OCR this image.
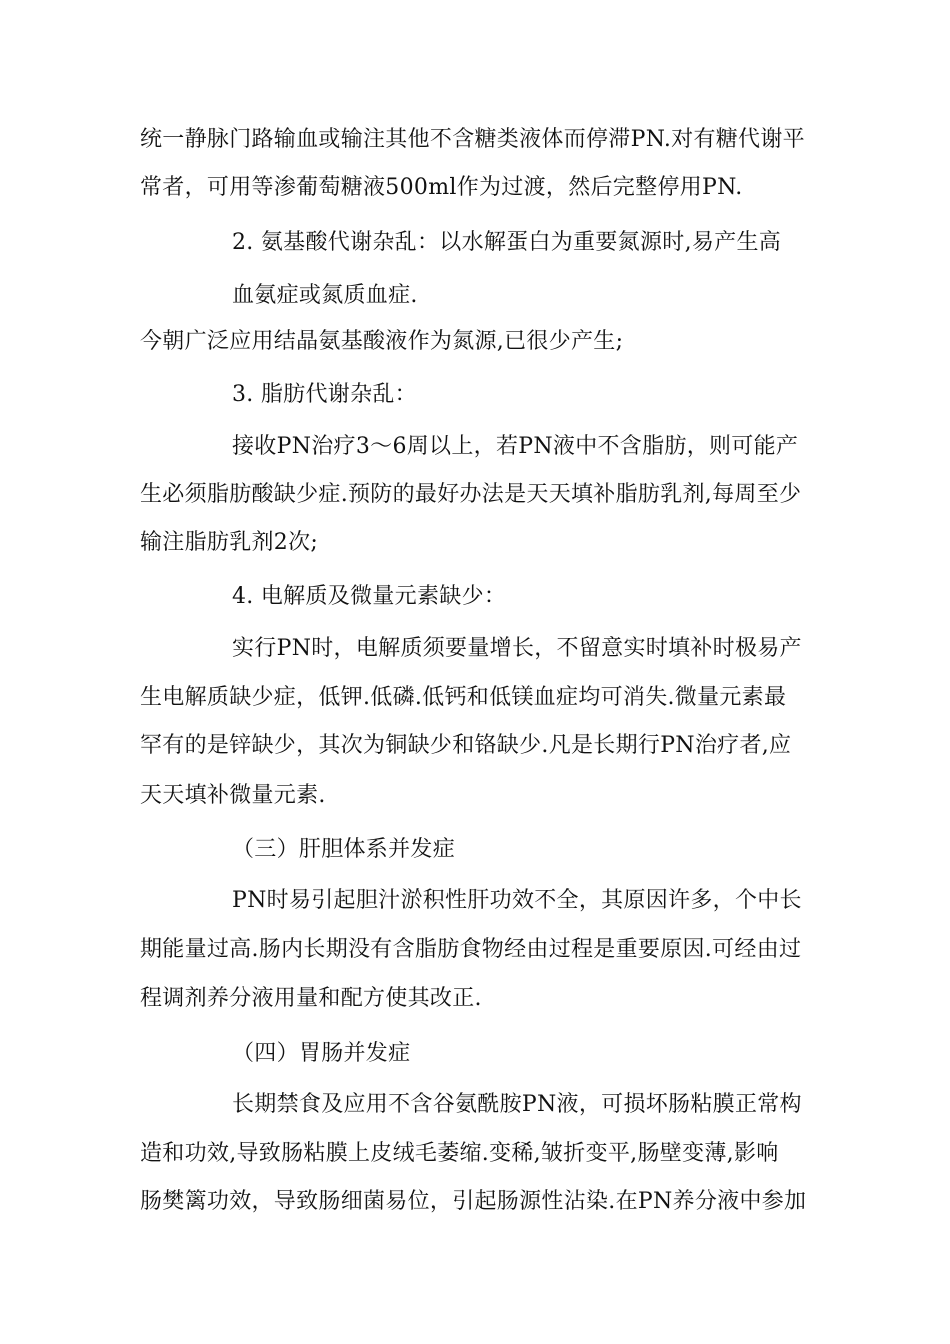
统一静脉门路输血或输注其他不含糖类液体而停滞PN.对有糖代谢平
常者，可用等渗葡萄糖液500ml作为过渡，然后完整停用PN.
2. 氨基酸代谢杂乱：以水解蛋白为重要氮源时,易产生高
血氨症或氮质血症.
今朝广泛应用结晶氨基酸液作为氮源,已很少产生;
3. 脂肪代谢杂乱：
接收PN治疗3～6周以上，若PN液中不含脂肪，则可能产
生必须脂肪酸缺少症.预防的最好办法是天天填补脂肪乳剂,每周至少
输注脂肪乳剂2次;
4. 电解质及微量元素缺少：
实行PN时，电解质须要量增长，不留意实时填补时极易产
生电解质缺少症，低钾.低磷.低钙和低镁血症均可消失.微量元素最
罕有的是锌缺少，其次为铜缺少和铬缺少.凡是长期行PN治疗者,应
天天填补微量元素.
（三）肝胆体系并发症
PN时易引起胆汁淤积性肝功效不全，其原因许多，个中长
期能量过高.肠内长期没有含脂肪食物经由过程是重要原因.可经由过
程调剂养分液用量和配方使其改正.
（四）胃肠并发症
长期禁食及应用不含谷氨酰胺PN液，可损坏肠粘膜正常构
造和功效,导致肠粘膜上皮绒毛萎缩.变稀,皱折变平,肠壁变薄,影响
肠樊篱功效，导致肠细菌易位，引起肠源性沾染.在PN养分液中参加
